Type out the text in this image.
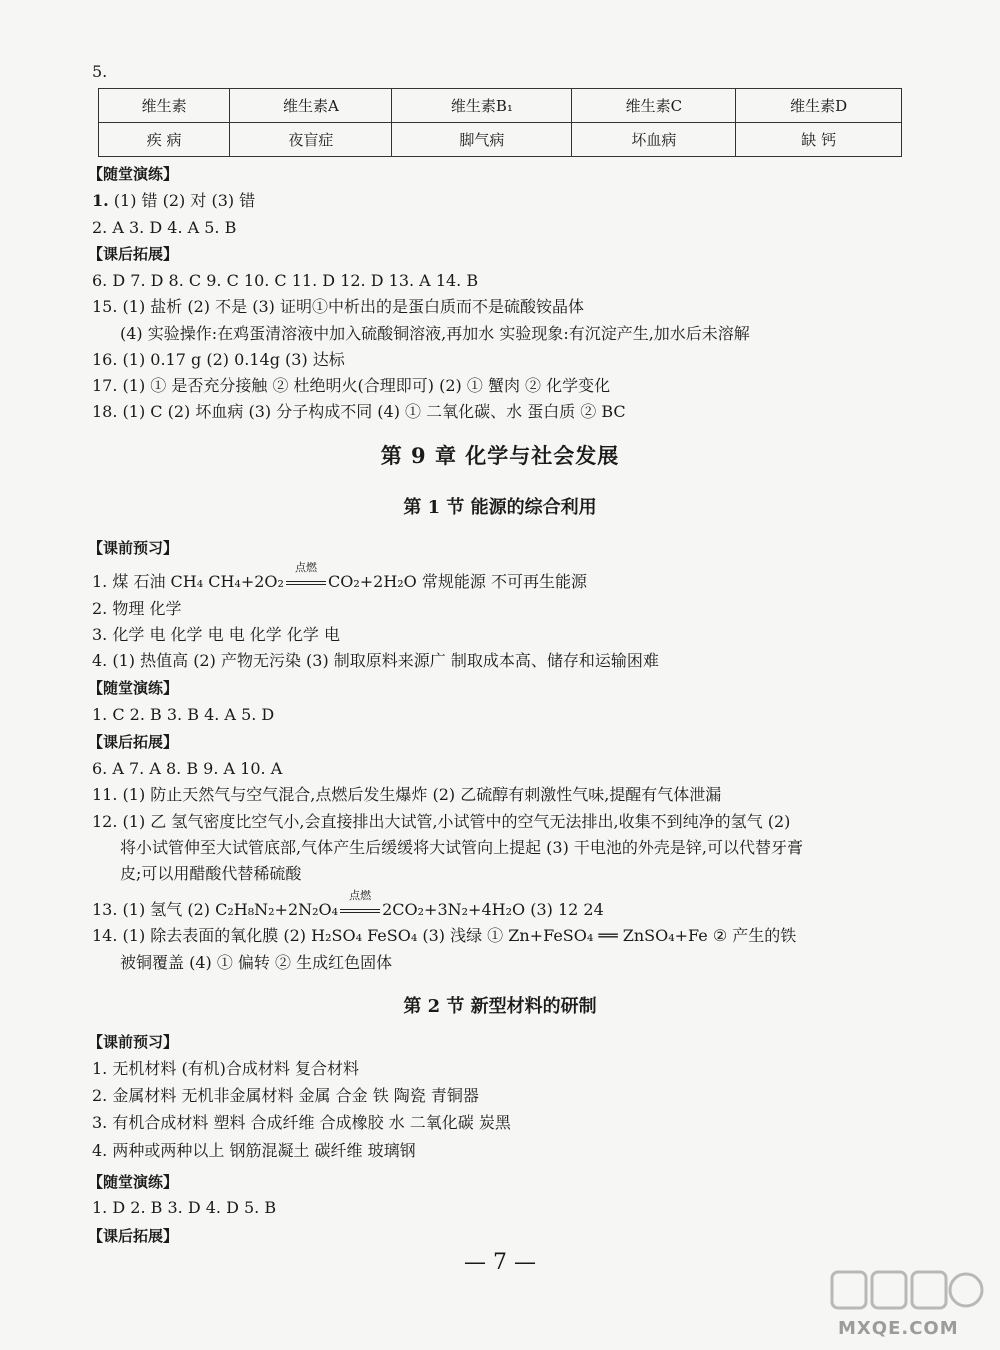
5.
维生素	维生素A	维生素B₁	维生素C	维生素D
疾 病	夜盲症	脚气病	坏血病	缺 钙
【随堂演练】
1. (1) 错 (2) 对 (3) 错
2. A 3. D 4. A 5. B
【课后拓展】
6. D 7. D 8. C 9. C 10. C 11. D 12. D 13. A 14. B
15. (1) 盐析 (2) 不是 (3) 证明①中析出的是蛋白质而不是硫酸铵晶体
(4) 实验操作:在鸡蛋清溶液中加入硫酸铜溶液,再加水 实验现象:有沉淀产生,加水后未溶解
16. (1) 0.17 g (2) 0.14g (3) 达标
17. (1) ① 是否充分接触 ② 杜绝明火(合理即可) (2) ① 蟹肉 ② 化学变化
18. (1) C (2) 坏血病 (3) 分子构成不同 (4) ① 二氧化碳、水 蛋白质 ② BC
第 9 章 化学与社会发展
第 1 节 能源的综合利用
【课前预习】
1. 煤 石油 CH₄ CH₄+2O₂
点燃
CO₂+2H₂O 常规能源 不可再生能源
2. 物理 化学
3. 化学 电 化学 电 电 化学 化学 电
4. (1) 热值高 (2) 产物无污染 (3) 制取原料来源广 制取成本高、储存和运输困难
【随堂演练】
1. C 2. B 3. B 4. A 5. D
【课后拓展】
6. A 7. A 8. B 9. A 10. A
11. (1) 防止天然气与空气混合,点燃后发生爆炸 (2) 乙硫醇有刺激性气味,提醒有气体泄漏
12. (1) 乙 氢气密度比空气小,会直接排出大试管,小试管中的空气无法排出,收集不到纯净的氢气 (2)
将小试管伸至大试管底部,气体产生后缓缓将大试管向上提起 (3) 干电池的外壳是锌,可以代替牙膏
皮;可以用醋酸代替稀硫酸
13. (1) 氢气 (2) C₂H₈N₂+2N₂O₄
点燃
2CO₂+3N₂+4H₂O (3) 12 24
14. (1) 除去表面的氧化膜 (2) H₂SO₄ FeSO₄ (3) 浅绿 ① Zn+FeSO₄ ══ ZnSO₄+Fe ② 产生的铁
被铜覆盖 (4) ① 偏转 ② 生成红色固体
第 2 节 新型材料的研制
【课前预习】
1. 无机材料 (有机)合成材料 复合材料
2. 金属材料 无机非金属材料 金属 合金 铁 陶瓷 青铜器
3. 有机合成材料 塑料 合成纤维 合成橡胶 水 二氧化碳 炭黑
4. 两种或两种以上 钢筋混凝土 碳纤维 玻璃钢
【随堂演练】
1. D 2. B 3. D 4. D 5. B
【课后拓展】
— 7 —
MXQE.COM
